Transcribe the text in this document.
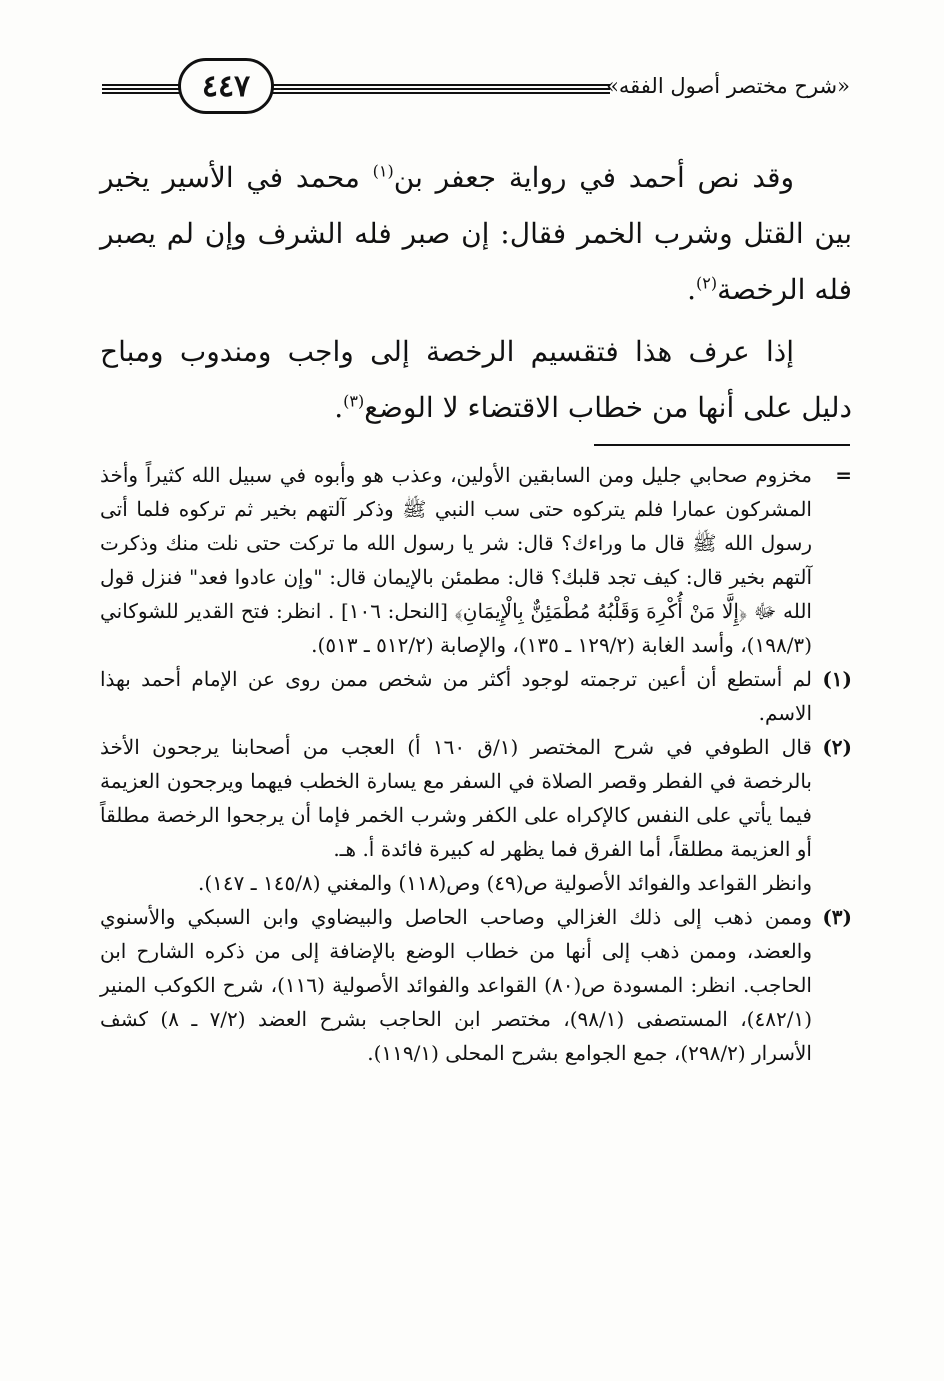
٤٤٧	«شرح مختصر أصول الفقه»

وقد نص أحمد في رواية جعفر بن$^{(١)}$ محمد في الأسير يخير بين القتل وشرب الخمر فقال: إن صبر فله الشرف وإن لم يصبر فله الرخصة$^{(٢)}$.

إذا عرف هذا فتقسيم الرخصة إلى واجب ومندوب ومباح دليل على أنها من خطاب الاقتضاء لا الوضع$^{(٣)}$.

=

مخزوم صحابي جليل ومن السابقين الأولين، وعذب هو وأبوه في سبيل الله كثيراً وأخذ المشركون عمارا فلم يتركوه حتى سب النبي ﷺ وذكر آلتهم بخير ثم تركوه فلما أتى رسول الله ﷺ قال ما وراءك؟ قال: شر يا رسول الله ما تركت حتى نلت منك وذكرت آلتهم بخير قال: كيف تجد قلبك؟ قال: مطمئن بالإيمان قال: "وإن عادوا فعد" فنزل قول الله ﷻ ﴿إِلَّا مَنْ أُكْرِهَ وَقَلْبُهُ مُطْمَئِنٌّ بِالْإِيمَانِ﴾ [النحل: ١٠٦] . انظر: فتح القدير للشوكاني (١٩٨/٣)، وأسد الغابة (١٢٩/٢ ـ ١٣٥)، والإصابة (٥١٢/٢ ـ ٥١٣).

(١)

لم أستطع أن أعين ترجمته لوجود أكثر من شخص ممن روى عن الإمام أحمد بهذا الاسم.

(٢)

قال الطوفي في شرح المختصر (١/ق ١٦٠ أ) العجب من أصحابنا يرجحون الأخذ بالرخصة في الفطر وقصر الصلاة في السفر مع يسارة الخطب فيهما ويرجحون العزيمة فيما يأتي على النفس كالإكراه على الكفر وشرب الخمر فإما أن يرجحوا الرخصة مطلقاً أو العزيمة مطلقاً، أما الفرق فما يظهر له كبيرة فائدة أ. هـ.

وانظر القواعد والفوائد الأصولية ص(٤٩) وص(١١٨) والمغني (١٤٥/٨ ـ ١٤٧).

(٣)

وممن ذهب إلى ذلك الغزالي وصاحب الحاصل والبيضاوي وابن السبكي والأسنوي والعضد، وممن ذهب إلى أنها من خطاب الوضع بالإضافة إلى من ذكره الشارح ابن الحاجب. انظر: المسودة ص(٨٠) القواعد والفوائد الأصولية (١١٦)، شرح الكوكب المنير (٤٨٢/١)، المستصفى (٩٨/١)، مختصر ابن الحاجب بشرح العضد (٧/٢ ـ ٨) كشف الأسرار (٢٩٨/٢)، جمع الجوامع بشرح المحلى (١١٩/١).
